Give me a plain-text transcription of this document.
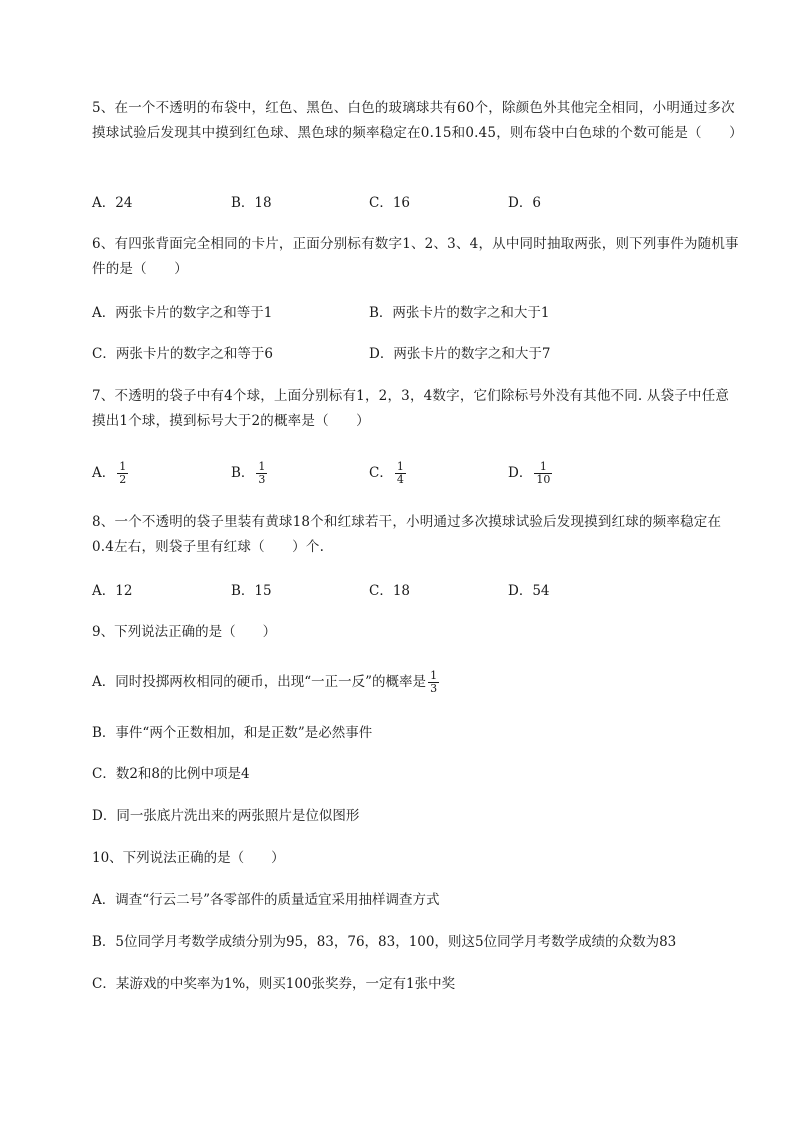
5、在一个不透明的布袋中，红色、黑色、白色的玻璃球共有60个，除颜色外其他完全相同，小明通过多次摸球试验后发现其中摸到红色球、黑色球的频率稳定在0.15和0.45，则布袋中白色球的个数可能是（　　）
A．24	B．18	C．16	D．6
6、有四张背面完全相同的卡片，正面分别标有数字1、2、3、4，从中同时抽取两张，则下列事件为随机事件的是（　　）
A．两张卡片的数字之和等于1	B．两张卡片的数字之和大于1
C．两张卡片的数字之和等于6	D．两张卡片的数字之和大于7
7、不透明的袋子中有4个球，上面分别标有1，2，3，4数字，它们除标号外没有其他不同. 从袋子中任意摸出1个球，摸到标号大于2的概率是（　　）
A． $\frac{1}{2}$	B． $\frac{1}{3}$	C． $\frac{1}{4}$	D． $\frac{1}{10}$
8、一个不透明的袋子里装有黄球18个和红球若干，小明通过多次摸球试验后发现摸到红球的频率稳定在0.4左右，则袋子里有红球（　　）个.
A．12	B．15	C．18	D．54
9、下列说法正确的是（　　）
A．同时投掷两枚相同的硬币，出现“一正一反”的概率是 $\frac{1}{3}$
B．事件“两个正数相加，和是正数”是必然事件
C．数2和8的比例中项是4
D．同一张底片洗出来的两张照片是位似图形
10、下列说法正确的是（　　）
A．调查“行云二号”各零部件的质量适宜采用抽样调查方式
B．5位同学月考数学成绩分别为95，83，76，83，100，则这5位同学月考数学成绩的众数为83
C．某游戏的中奖率为1%，则买100张奖券，一定有1张中奖
